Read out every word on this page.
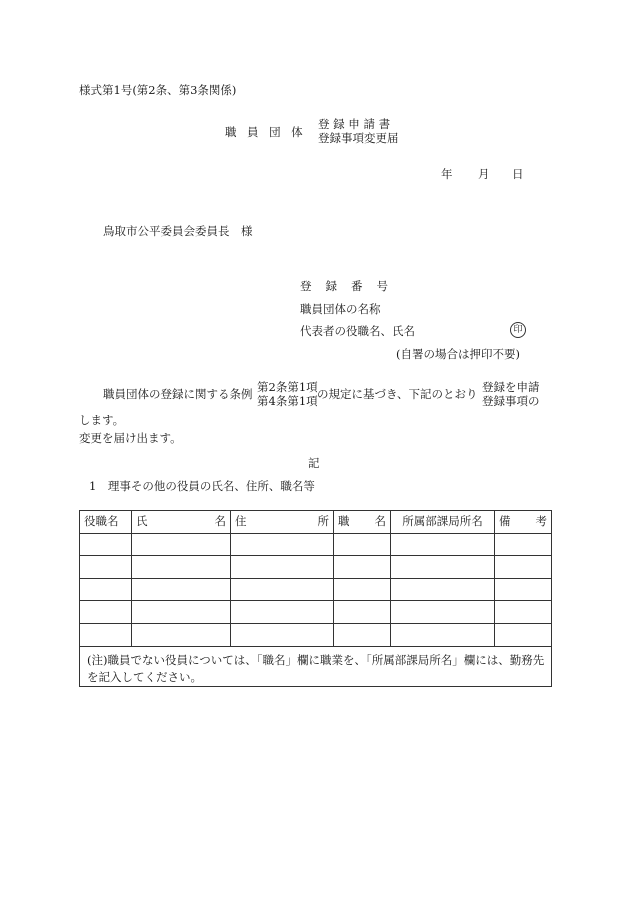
様式第1号(第2条、第3条関係)
職 員 団 体
登 録 申 請 書
登録事項変更届
年 月 日
鳥取市公平委員会委員長　様
登 録 番 号
職員団体の名称
代表者の役職名、氏名	印
(自署の場合は押印不要)
職員団体の登録に関する条例 第2条第1項
第4条第1項
の規定に基づき、下記のとおり 登録を申請
登録事項の
します。
変更を届け出ます。
記
1　理事その他の役員の氏名、住所、職名等
役職名	氏 名	住 所	職 名	所属部課局所名	備 考

(注)職員でない役員については、「職名」欄に職業を、「所属部課局所名」欄には、勤務先を記入してください。
